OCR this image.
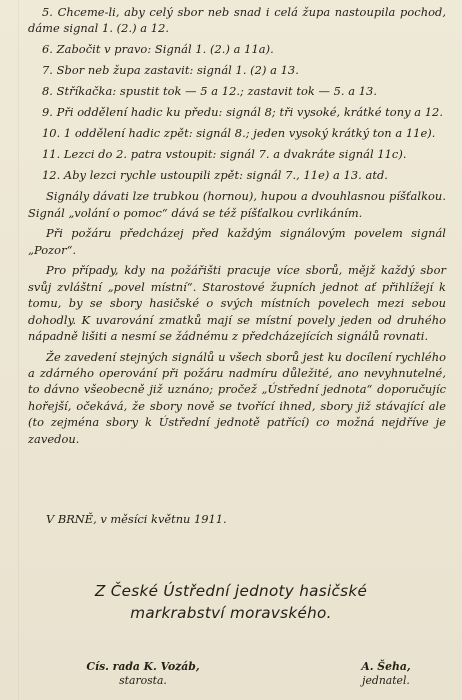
5. Chceme-li, aby celý sbor neb snad i celá župa nastoupila pochod, dáme signal 1. (2.) a 12.

6. Zabočit v pravo: Signál 1. (2.) a 11a).

7. Sbor neb župa zastavit: signál 1. (2) a 13.

8. Stříkačka: spustit tok — 5 a 12.; zastavit tok — 5. a 13.

9. Při oddělení hadic ku předu: signál 8; tři vysoké, krátké tony a 12.

10. 1 oddělení hadic zpět: signál 8.; jeden vysoký krátký ton a 11e).

11. Lezci do 2. patra vstoupit: signál 7. a dvakráte signál 11c).

12. Aby lezci rychle ustoupili zpět: signál 7., 11e) a 13. atd.

Signály dávati lze trubkou (hornou), hupou a dvouhlasnou píšťalkou. Signál „volání o pomoc“ dává se též píšťalkou cvrlikáním.

Při požáru předcházej před každým signálovým povelem signál „Pozor“.

Pro případy, kdy na požářišti pracuje více sborů, mějž každý sbor svůj zvláštní „povel místní“. Starostové župních jednot ať přihlížejí k tomu, by se sbory hasičské o svých místních povelech mezi sebou dohodly. K uvarování zmatků mají se místní povely jeden od druhého nápadně lišiti a nesmí se žádnému z předcházejících signálů rovnati.

Že zavedení stejných signálů u všech sborů jest ku docílení rychlého a zdárného operování při požáru nadmíru důležité, ano nevyhnutelné, to dávno všeobecně již uznáno; pročež „Ústřední jednota“ doporučujíc hořejší, očekává, že sbory nově se tvořící ihned, sbory již stávající ale (to zejména sbory k Ústřední jednotě patřící) co možná nejdříve je zavedou.

V BRNĚ, v měsíci květnu 1911.
Z České Ústřední jednoty hasičské
markrabství moravského.
Cís. rada K. Vozáb,
starosta.
A. Šeha,
jednatel.
